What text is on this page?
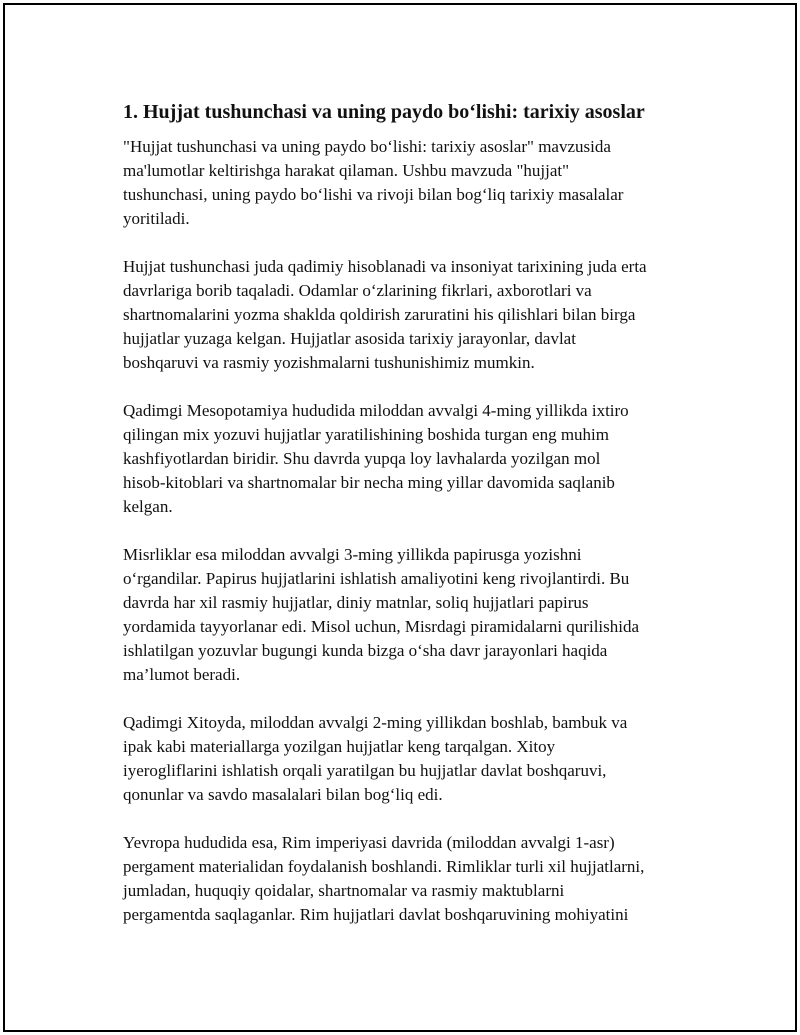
1. Hujjat tushunchasi va uning paydo bo‘lishi: tarixiy asoslar

"Hujjat tushunchasi va uning paydo bo‘lishi: tarixiy asoslar" mavzusida
ma'lumotlar keltirishga harakat qilaman. Ushbu mavzuda "hujjat"
tushunchasi, uning paydo bo‘lishi va rivoji bilan bog‘liq tarixiy masalalar
yoritiladi.

Hujjat tushunchasi juda qadimiy hisoblanadi va insoniyat tarixining juda erta
davrlariga borib taqaladi. Odamlar o‘zlarining fikrlari, axborotlari va
shartnomalarini yozma shaklda qoldirish zaruratini his qilishlari bilan birga
hujjatlar yuzaga kelgan. Hujjatlar asosida tarixiy jarayonlar, davlat
boshqaruvi va rasmiy yozishmalarni tushunishimiz mumkin.

Qadimgi Mesopotamiya hududida miloddan avvalgi 4-ming yillikda ixtiro
qilingan mix yozuvi hujjatlar yaratilishining boshida turgan eng muhim
kashfiyotlardan biridir. Shu davrda yupqa loy lavhalarda yozilgan mol
hisob-kitoblari va shartnomalar bir necha ming yillar davomida saqlanib
kelgan.

Misrliklar esa miloddan avvalgi 3-ming yillikda papirusga yozishni
o‘rgandilar. Papirus hujjatlarini ishlatish amaliyotini keng rivojlantirdi. Bu
davrda har xil rasmiy hujjatlar, diniy matnlar, soliq hujjatlari papirus
yordamida tayyorlanar edi. Misol uchun, Misrdagi piramidalarni qurilishida
ishlatilgan yozuvlar bugungi kunda bizga o‘sha davr jarayonlari haqida
ma’lumot beradi.

Qadimgi Xitoyda, miloddan avvalgi 2-ming yillikdan boshlab, bambuk va
ipak kabi materiallarga yozilgan hujjatlar keng tarqalgan. Xitoy
iyerogliflarini ishlatish orqali yaratilgan bu hujjatlar davlat boshqaruvi,
qonunlar va savdo masalalari bilan bog‘liq edi.

Yevropa hududida esa, Rim imperiyasi davrida (miloddan avvalgi 1-asr)
pergament materialidan foydalanish boshlandi. Rimliklar turli xil hujjatlarni,
jumladan, huquqiy qoidalar, shartnomalar va rasmiy maktublarni
pergamentda saqlaganlar. Rim hujjatlari davlat boshqaruvining mohiyatini
